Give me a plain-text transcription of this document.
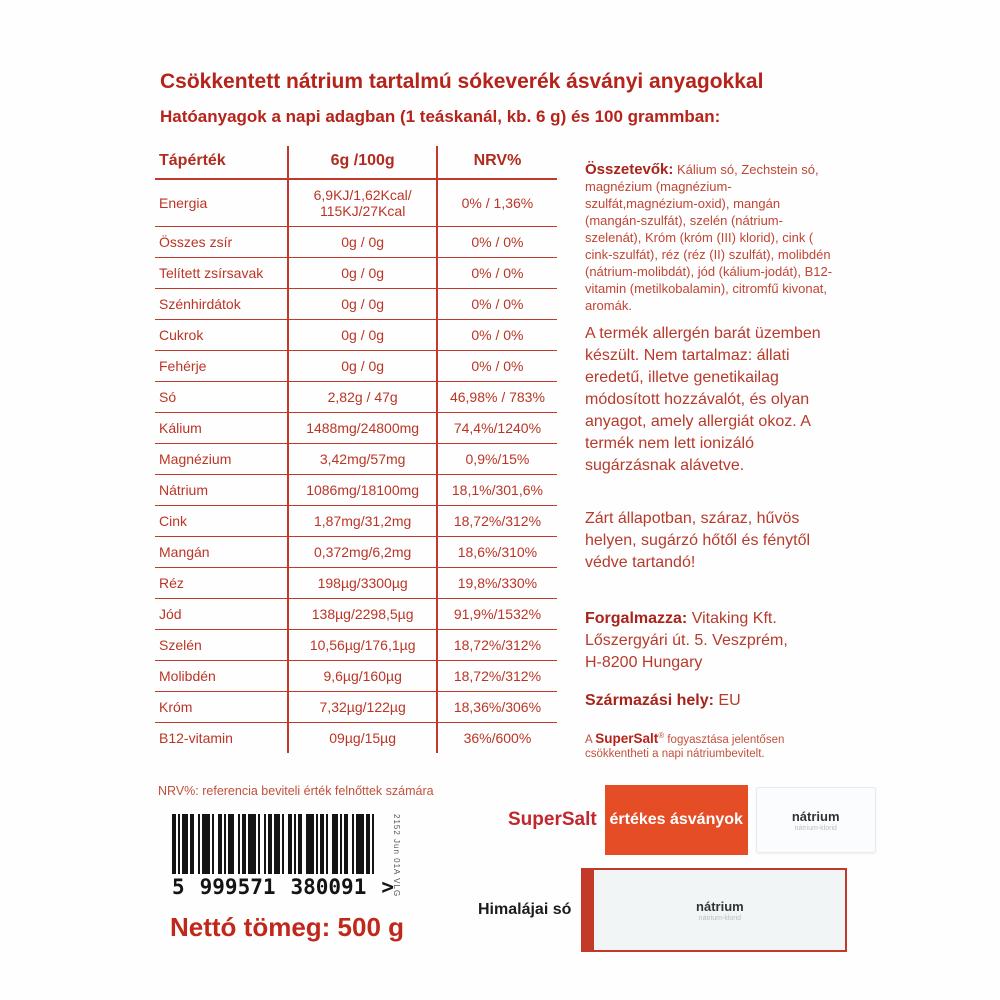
Csökkentett nátrium tartalmú sókeverék ásványi anyagokkal
Hatóanyagok a napi adagban (1 teáskanál, kb. 6 g) és 100 grammban:
Tápérték	6g /100g	NRV%
Energia	6,9KJ/1,62Kcal/ 115KJ/27Kcal	0% / 1,36%
Összes zsír	0g / 0g	0% / 0%
Telített zsírsavak	0g / 0g	0% / 0%
Szénhirdátok	0g / 0g	0% / 0%
Cukrok	0g / 0g	0% / 0%
Fehérje	0g / 0g	0% / 0%
Só	2,82g / 47g	46,98% / 783%
Kálium	1488mg/24800mg	74,4%/1240%
Magnézium	3,42mg/57mg	0,9%/15%
Nátrium	1086mg/18100mg	18,1%/301,6%
Cink	1,87mg/31,2mg	18,72%/312%
Mangán	0,372mg/6,2mg	18,6%/310%
Réz	198µg/3300µg	19,8%/330%
Jód	138µg/2298,5µg	91,9%/1532%
Szelén	10,56µg/176,1µg	18,72%/312%
Molibdén	9,6µg/160µg	18,72%/312%
Króm	7,32µg/122µg	18,36%/306%
B12-vitamin	09µg/15µg	36%/600%
NRV%: referencia beviteli érték felnőttek számára
5 999571 380091 >
2152 Jun 01A VLG
Nettó tömeg: 500 g

Összetevők: Kálium só, Zechstein só, magnézium (magnézium-szulfát,magnézium-oxid), mangán (mangán-szulfát), szelén (nátrium-szelenát), Króm (króm (III) klorid), cink ( cink-szulfát), réz (réz (II) szulfát), molibdén (nátrium-molibdát), jód (kálium-jodát), B12-vitamin (metilkobalamin), citromfű kivonat, aromák.

A termék allergén barát üzemben készült. Nem tartalmaz: állati eredetű, illetve genetikailag módosított hozzávalót, és olyan anyagot, amely allergiát okoz. A termék nem lett ionizáló sugárzásnak alávetve.

Zárt állapotban, száraz, hűvös helyen, sugárzó hőtől és fénytől védve tartandó!

Forgalmazza: Vitaking Kft.
Lőszergyári út. 5. Veszprém,
H-8200 Hungary

Származási hely: EU

A SuperSalt® fogyasztása jelentősen csökkentheti a napi nátriumbevitelt.

SuperSalt értékes ásványok	nátrium
nátrium-klorid
Himalájai só	nátrium
nátrium-klorid
